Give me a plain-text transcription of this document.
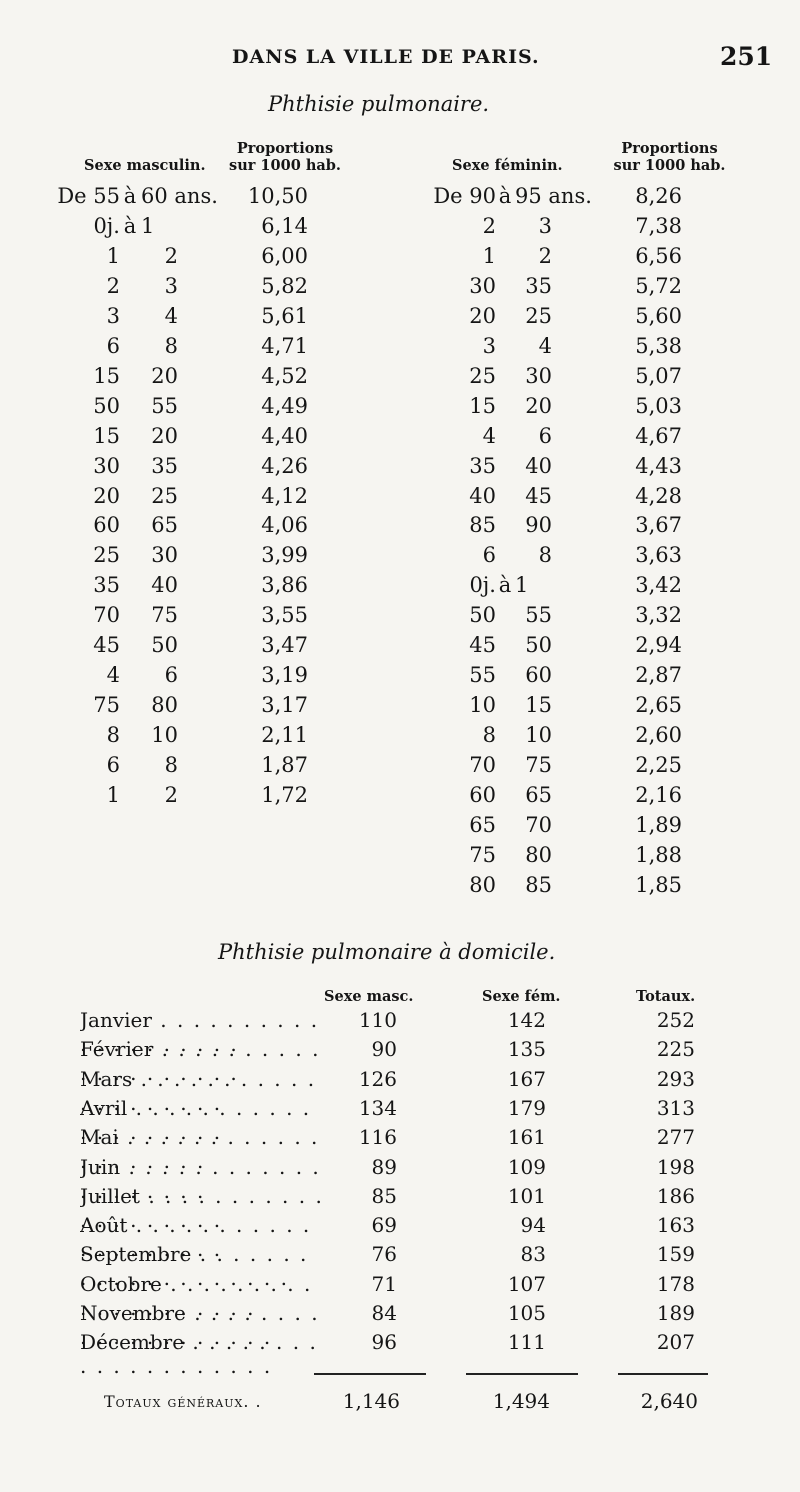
DANS LA VILLE DE PARIS.	251
Phthisie pulmonaire.
Sexe masculin.
Proportions
sur 1000 hab.	Sexe féminin.
Proportions
sur 1000 hab.
De 55 à 60 ans.	10,50
0j. à 1	6,14
1	2	6,00
2	3	5,82
3	4	5,61
6	8	4,71
15	20	4,52
50	55	4,49
15	20	4,40
30	35	4,26
20	25	4,12
60	65	4,06
25	30	3,99
35	40	3,86
70	75	3,55
45	50	3,47
4	6	3,19
75	80	3,17
8	10	2,11
6	8	1,87
1	2	1,72
De 90 à 95 ans.	8,26
2	3	7,38
1	2	6,56
30	35	5,72
20	25	5,60
3	4	5,38
25	30	5,07
15	20	5,03
4	6	4,67
35	40	4,43
40	45	4,28
85	90	3,67
6	8	3,63
0j. à 1	3,42
50	55	3,32
45	50	2,94
55	60	2,87
10	15	2,65
8	10	2,60
70	75	2,25
60	65	2,16
65	70	1,89
75	80	1,88
80	85	1,85
Phthisie pulmonaire à domicile.
Sexe masc.	Sexe fém.	Totaux.
Janvier . . .	110	142	252
Février . . .	90	135	225
Mars . . .	126	167	293
Avril . . .	134	179	313
Mai . . .	116	161	277
Juin . . .	89	109	198
Juillet . . .	85	101	186
Août . . .	69	94	163
Septembre . . .	76	83	159
Octobre . . .	71	107	178
Novembre . . .	84	105	189
Décembre . . .	96	111	207
Totaux généraux. .	1,146	1,494	2,640
